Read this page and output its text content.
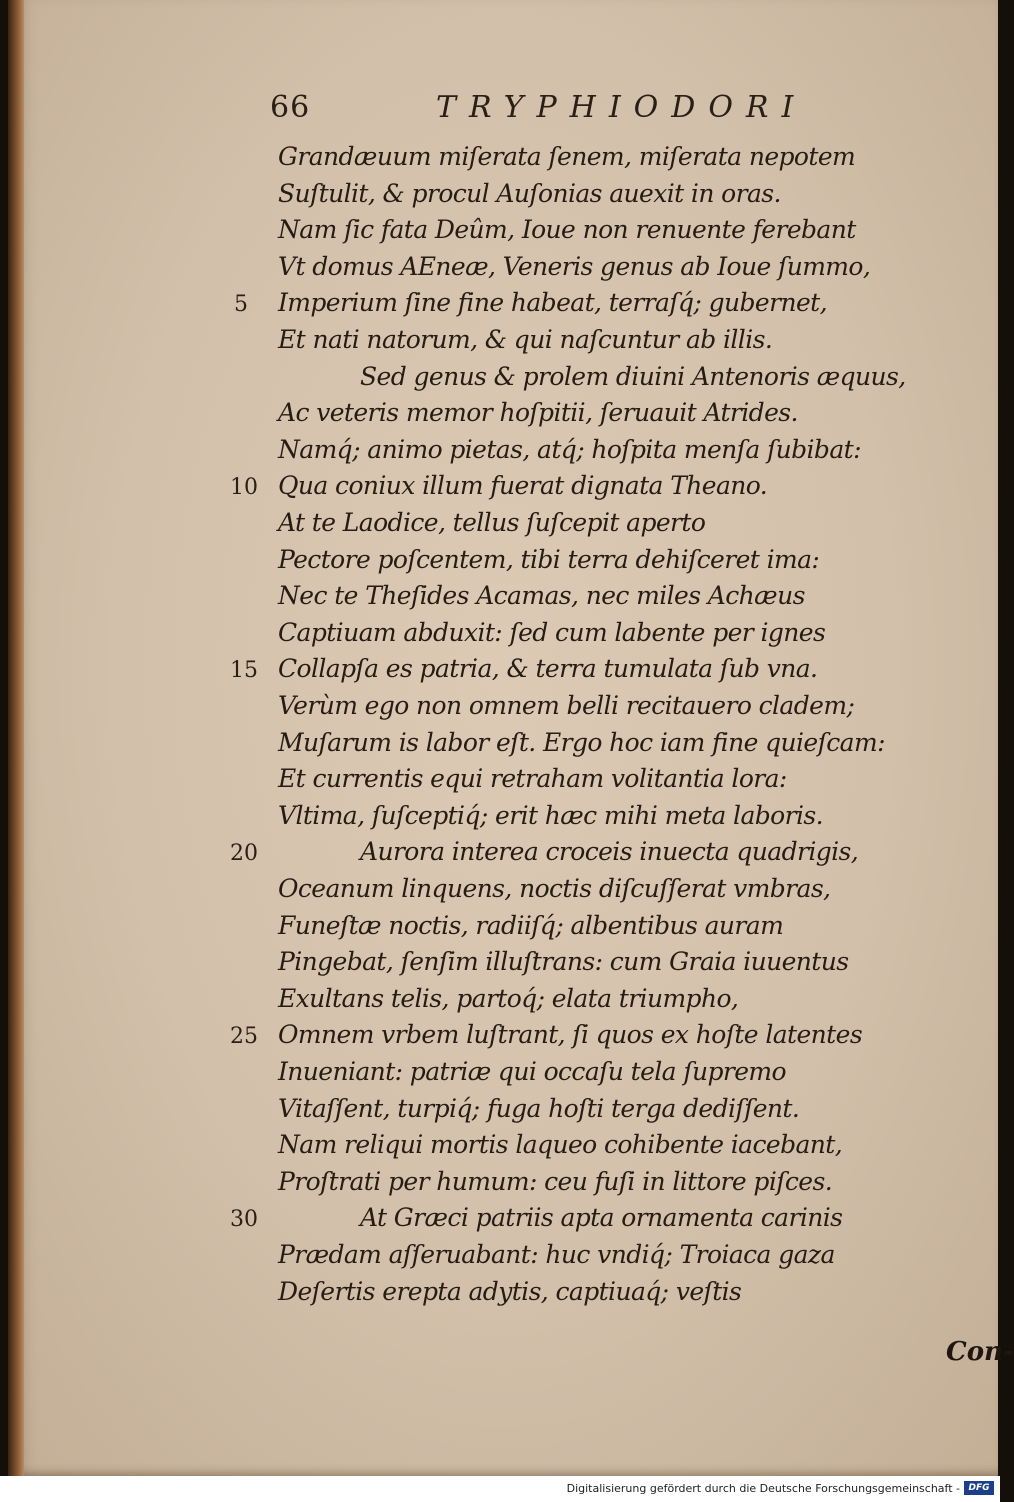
66	TRYPHIODORI
Grandæuum miſerata ſenem, miſerata nepotem
Suſtulit, & procul Auſonias auexit in oras.
Nam ſic fata Deûm, Ioue non renuente ferebant
Vt domus AEneæ, Veneris genus ab Ioue ſummo,
Imperium ſine fine habeat, terraſq́; gubernet,
5
Et nati natorum, & qui naſcuntur ab illis.
Sed genus & prolem diuini Antenoris æquus,
Ac veteris memor hoſpitii, ſeruauit Atrides.
Namq́; animo pietas, atq́; hoſpita menſa ſubibat:
Qua coniux illum fuerat dignata Theano.
10
At te Laodice, tellus ſuſcepit aperto
Pectore poſcentem, tibi terra dehiſceret ima:
Nec te Theſides Acamas, nec miles Achæus
Captiuam abduxit: ſed cum labente per ignes
Collapſa es patria, & terra tumulata ſub vna.
15
Verùm ego non omnem belli recitauero cladem;
Muſarum is labor eſt. Ergo hoc iam fine quieſcam:
Et currentis equi retraham volitantia lora:
Vltima, ſuſceptiq́; erit hæc mihi meta laboris.
Aurora interea croceis inuecta quadrigis,
20
Oceanum linquens, noctis diſcuſſerat vmbras,
Funeſtæ noctis, radiiſq́; albentibus auram
Pingebat, ſenſim illuſtrans: cum Graia iuuentus
Exultans telis, partoq́; elata triumpho,
Omnem vrbem luſtrant, ſi quos ex hoſte latentes
25
Inueniant: patriæ qui occaſu tela ſupremo
Vitaſſent, turpiq́; fuga hoſti terga dediſſent.
Nam reliqui mortis laqueo cohibente iacebant,
Proſtrati per humum: ceu fuſi in littore piſces.
At Græci patriis apta ornamenta carinis
30
Prædam aſſeruabant: huc vndiq́; Troiaca gaza
Deſertis erepta adytis, captiuaq́; veſtis
Con-
Digitalisierung gefördert durch die Deutsche Forschungsgemeinschaft - DFG
